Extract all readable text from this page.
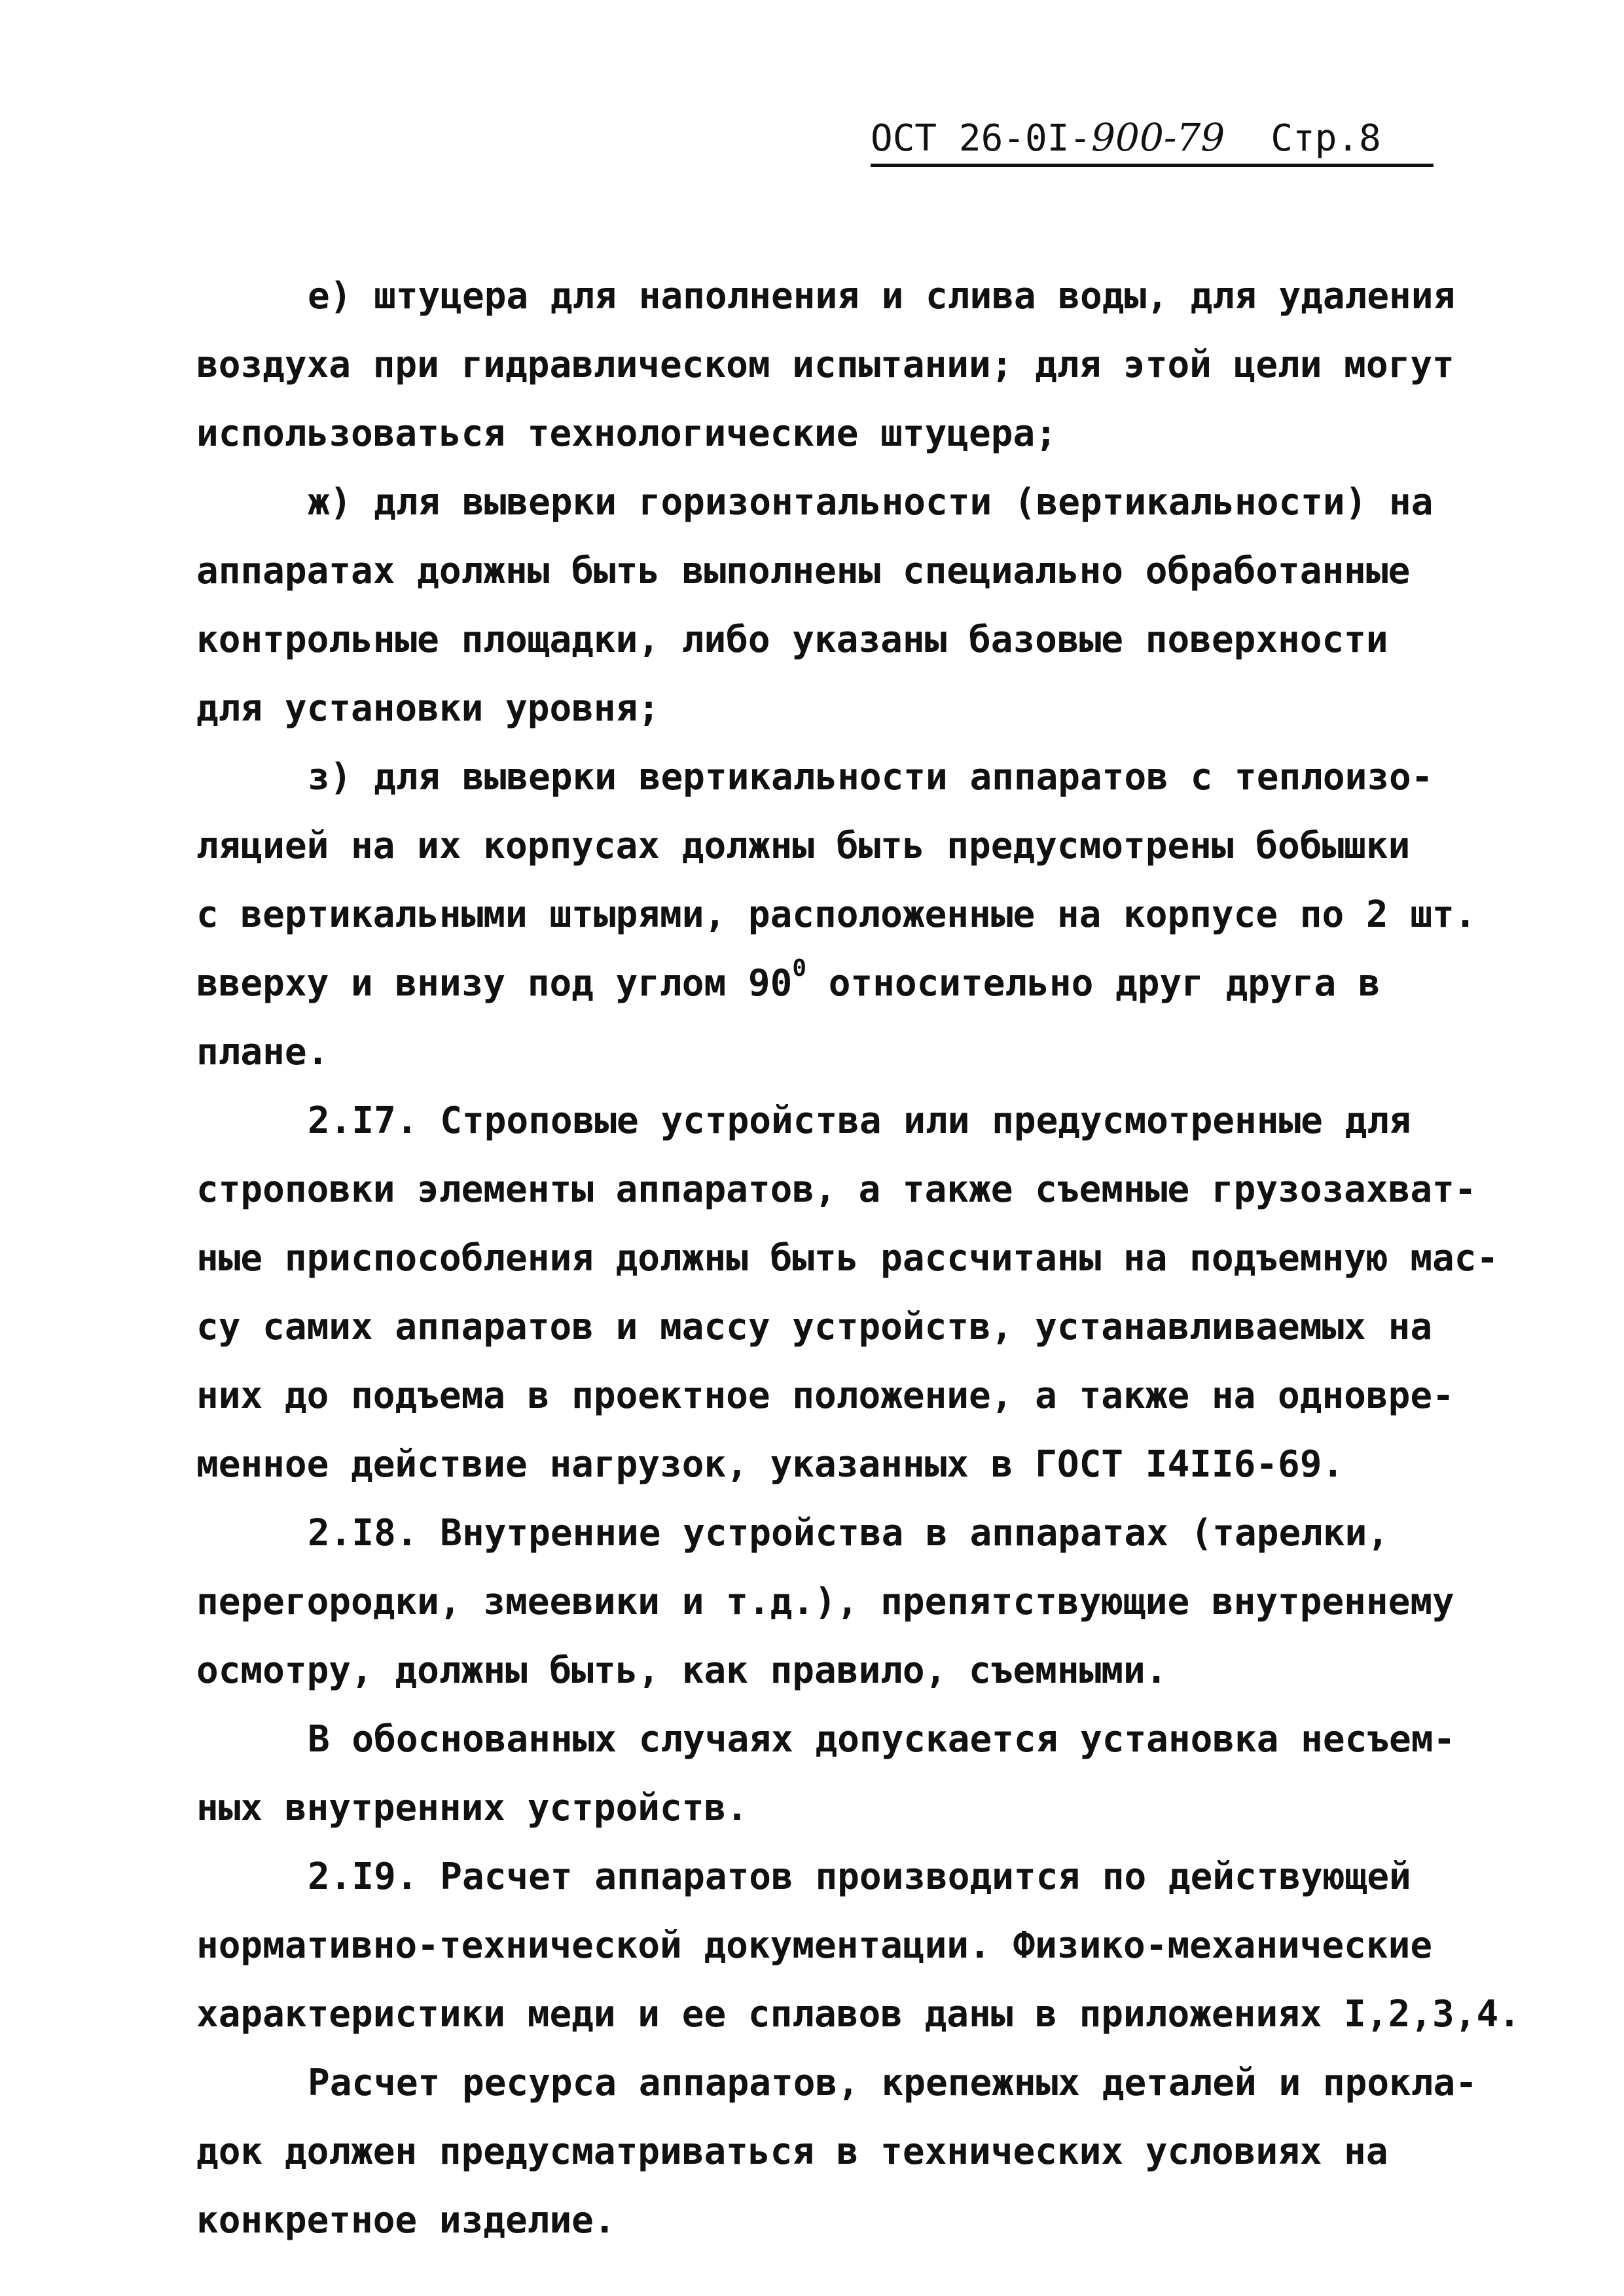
ОСТ 26-0I-900-79 Стр.8
е) штуцера для наполнения и слива воды, для удаления
воздуха при гидравлическом испытании; для этой цели могут
использоваться технологические штуцера;
ж) для выверки горизонтальности (вертикальности) на
аппаратах должны быть выполнены специально обработанные
контрольные площадки, либо указаны базовые поверхности
для установки уровня;
з) для выверки вертикальности аппаратов с теплоизо-
ляцией на их корпусах должны быть предусмотрены бобышки
с вертикальными штырями, расположенные на корпусе по 2 шт.
вверху и внизу под углом $90^0$ относительно друг друга в
плане.
2.I7. Строповые устройства или предусмотренные для
строповки элементы аппаратов, а также съемные грузозахват-
ные приспособления должны быть рассчитаны на подъемную мас-
су самих аппаратов и массу устройств, устанавливаемых на
них до подъема в проектное положение, а также на одновре-
менное действие нагрузок, указанных в ГОСТ I4II6-69.
2.I8. Внутренние устройства в аппаратах (тарелки,
перегородки, змеевики и т.д.), препятствующие внутреннему
осмотру, должны быть, как правило, съемными.
В обоснованных случаях допускается установка несъем-
ных внутренних устройств.
2.I9. Расчет аппаратов производится по действующей
нормативно-технической документации. Физико-механические
характеристики меди и ее сплавов даны в приложениях I,2,3,4.
Расчет ресурса аппаратов, крепежных деталей и прокла-
док должен предусматриваться в технических условиях на
конкретное изделие.
